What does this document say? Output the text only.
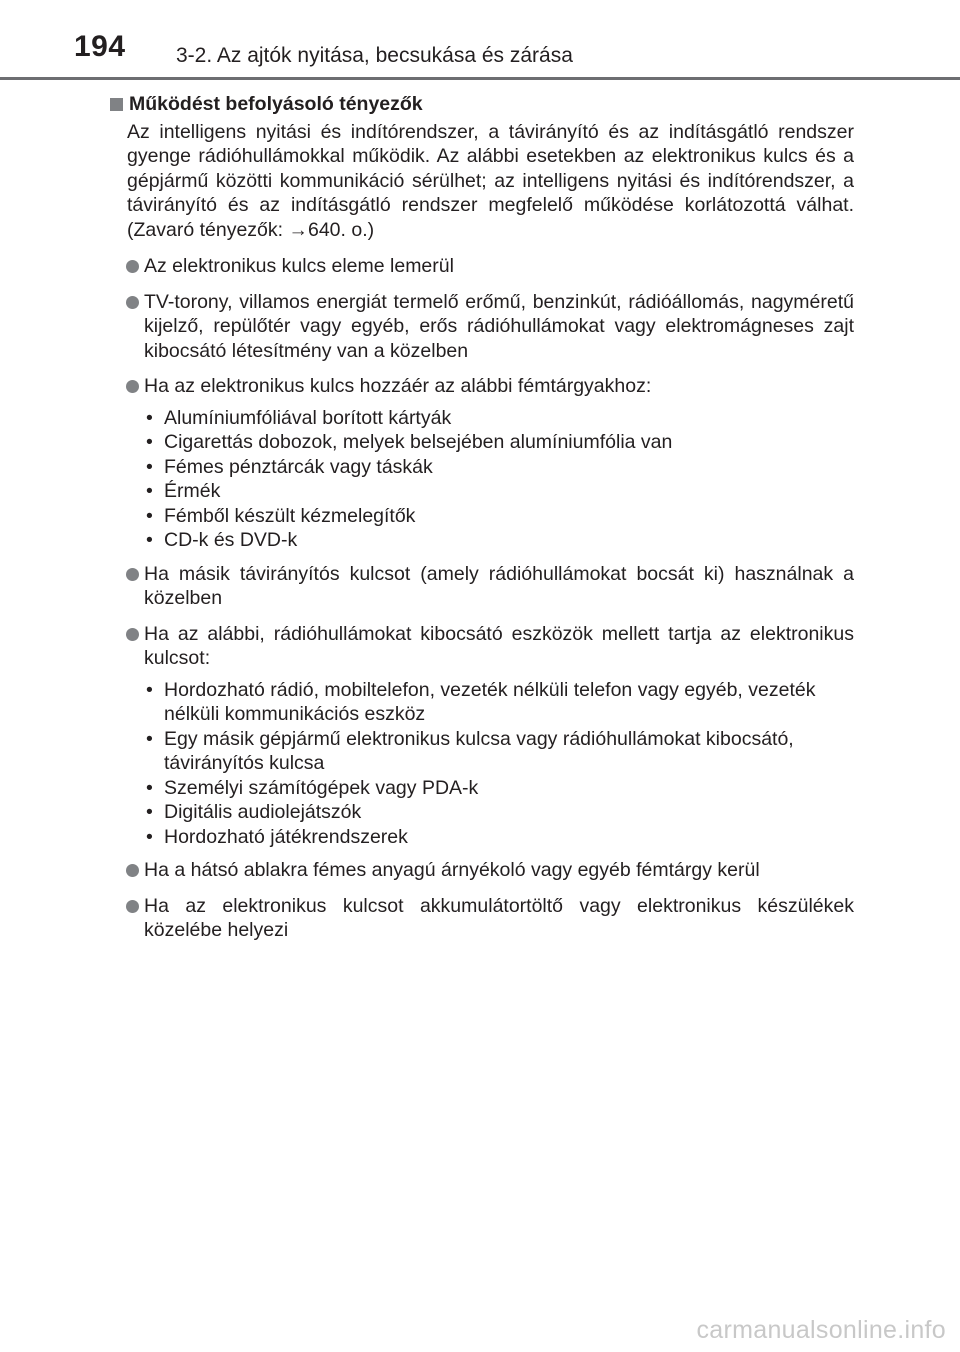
194 3-2. Az ajtók nyitása, becsukása és zárása
Működést befolyásoló tényezők
Az intelligens nyitási és indítórendszer, a távirányító és az indításgátló rendszer gyenge rádióhullámokkal működik. Az alábbi esetekben az elektronikus kulcs és a gépjármű közötti kommunikáció sérülhet; az intelligens nyitási és indítórendszer, a távirányító és az indításgátló rendszer megfelelő működése korlátozottá válhat. (Zavaró tényezők: →640. o.)
Az elektronikus kulcs eleme lemerül
TV-torony, villamos energiát termelő erőmű, benzinkút, rádióállomás, nagyméretű kijelző, repülőtér vagy egyéb, erős rádióhullámokat vagy elektromágneses zajt kibocsátó létesítmény van a közelben
Ha az elektronikus kulcs hozzáér az alábbi fémtárgyakhoz:
• Alumíniumfóliával borított kártyák
• Cigarettás dobozok, melyek belsejében alumíniumfólia van
• Fémes pénztárcák vagy táskák
• Érmék
• Fémből készült kézmelegítők
• CD-k és DVD-k
Ha másik távirányítós kulcsot (amely rádióhullámokat bocsát ki) használnak a közelben
Ha az alábbi, rádióhullámokat kibocsátó eszközök mellett tartja az elektronikus kulcsot:
• Hordozható rádió, mobiltelefon, vezeték nélküli telefon vagy egyéb, vezeték nélküli kommunikációs eszköz
• Egy másik gépjármű elektronikus kulcsa vagy rádióhullámokat kibocsátó, távirányítós kulcsa
• Személyi számítógépek vagy PDA-k
• Digitális audiolejátszók
• Hordozható játékrendszerek
Ha a hátsó ablakra fémes anyagú árnyékoló vagy egyéb fémtárgy kerül
Ha az elektronikus kulcsot akkumulátortöltő vagy elektronikus készülékek közelébe helyezi
carmanualsonline.info
